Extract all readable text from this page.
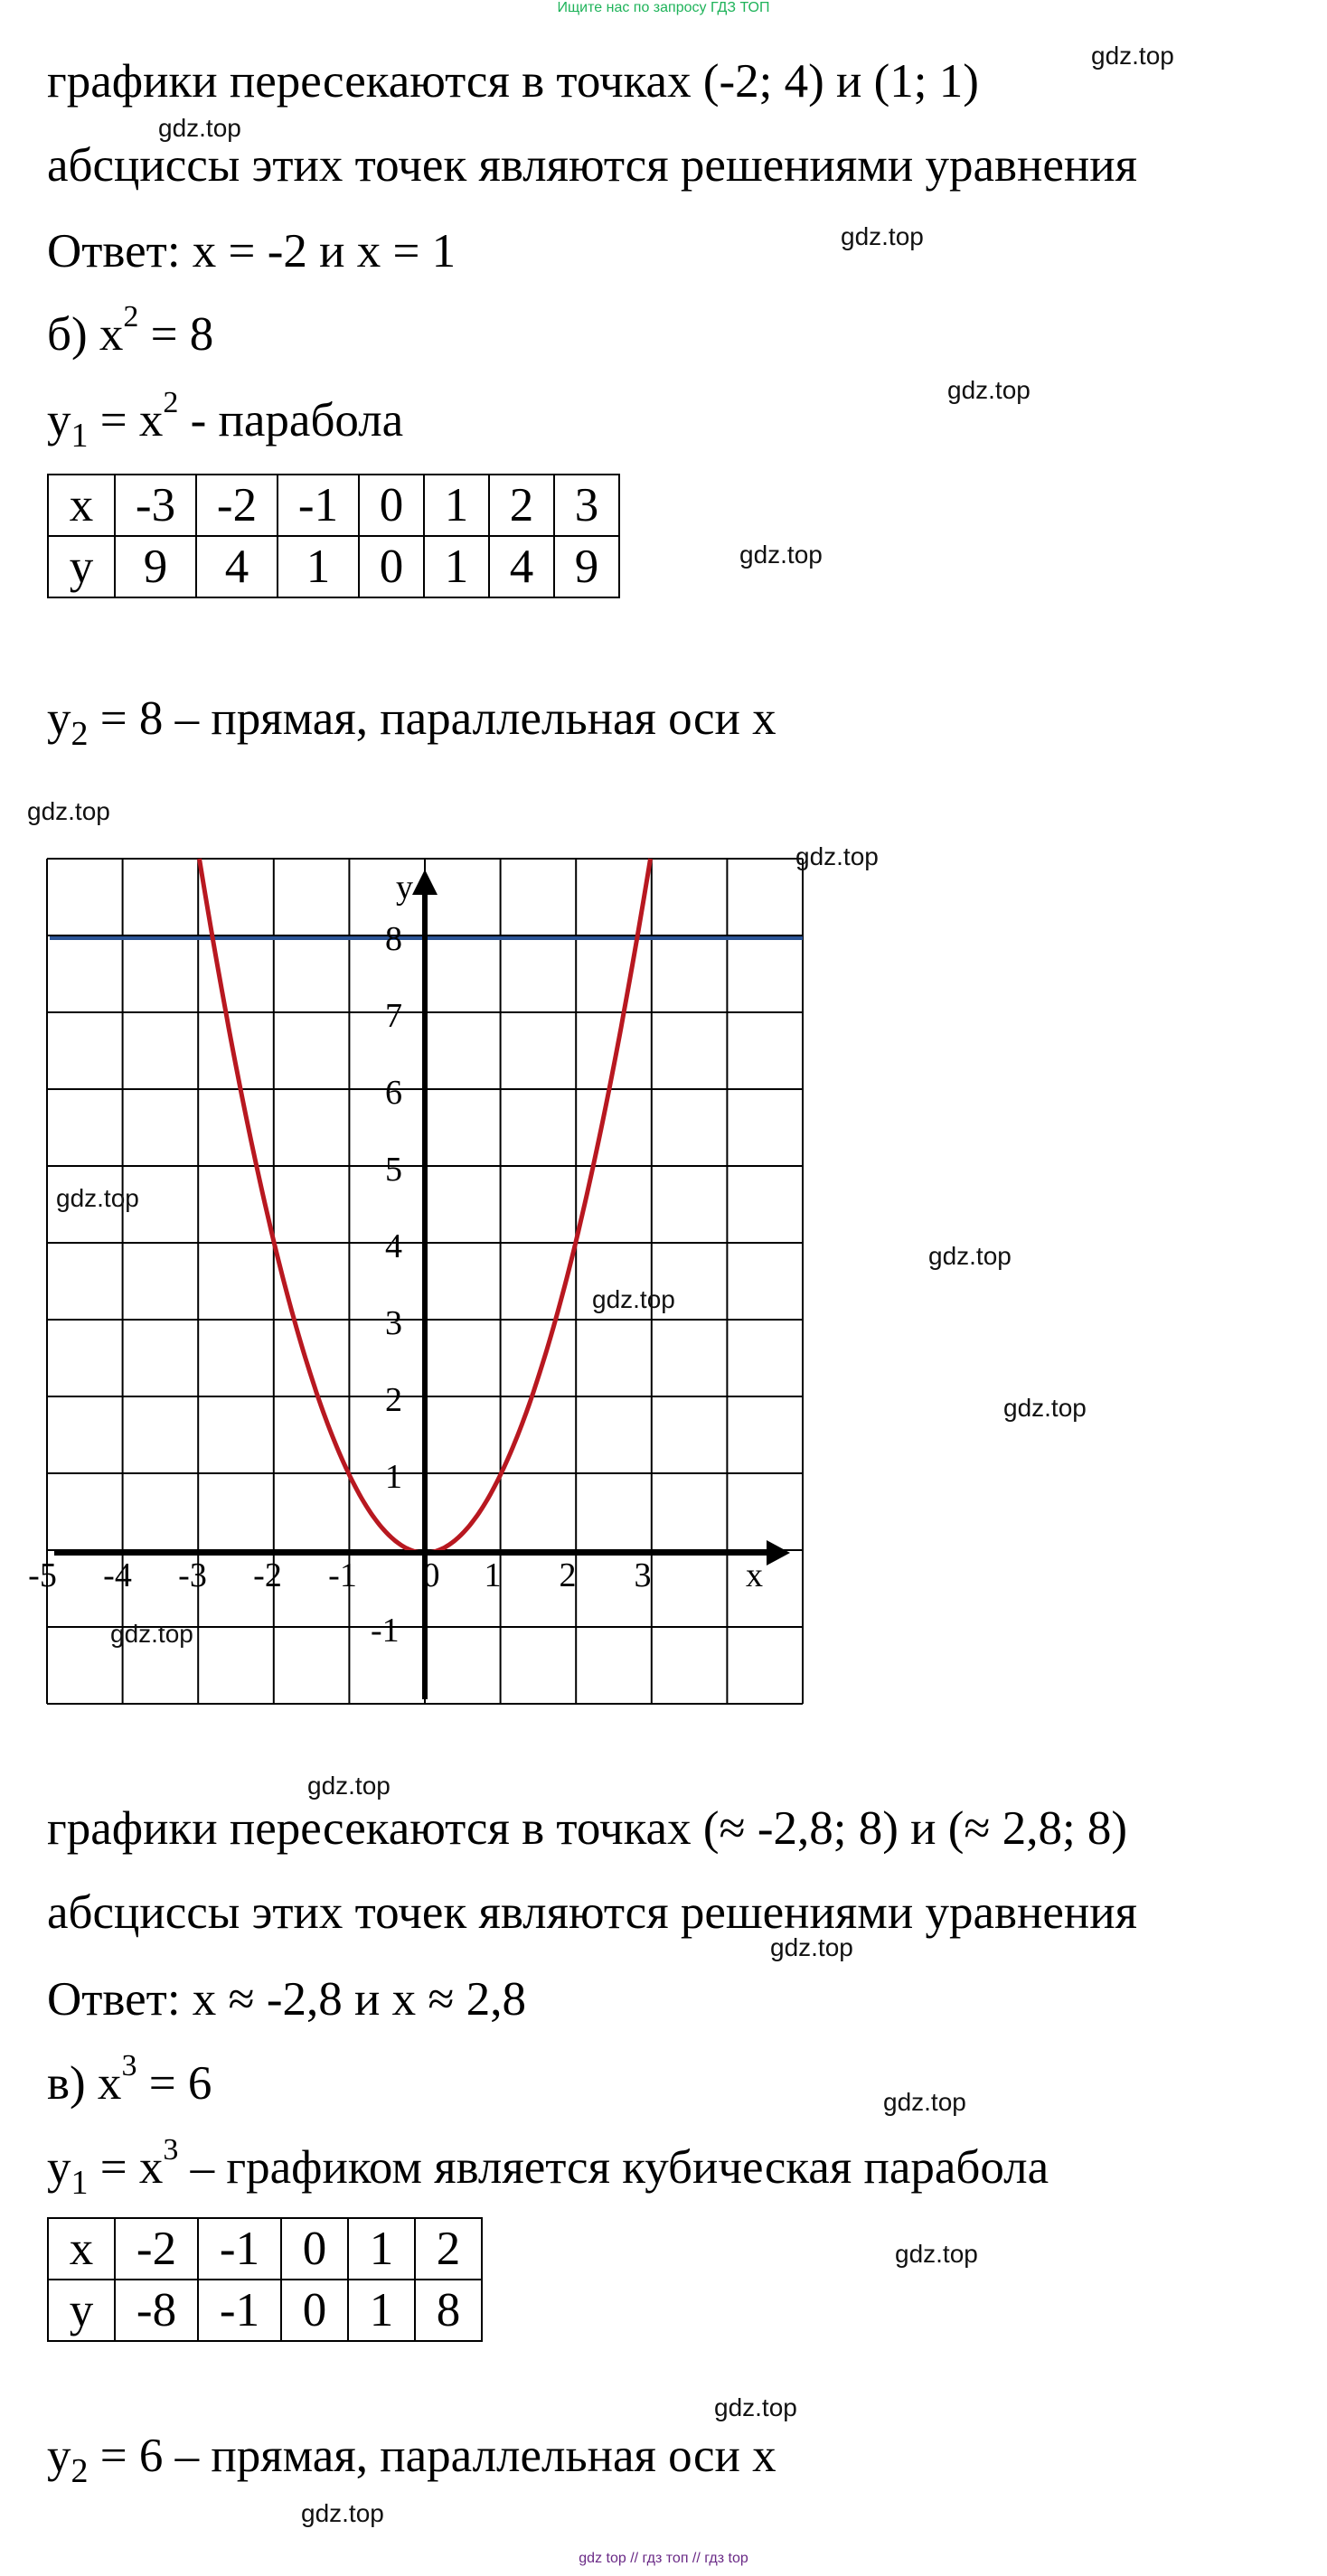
Ищите нас по запросу ГДЗ ТОП

графики пересекаются в точках (-2; 4) и (1; 1)

абсциссы этих точек являются решениями уравнения

Ответ: x = -2 и x = 1

б) $x^2 = 8$

$y_1 = x^2$ - парабола

x	-3	-2	-1	0	1	2	3
y	9	4	1	0	1	4	9

$y_2 = 8$ – прямая, параллельная оси x

y
x
-5 -4 -3 -2 -1 0 1 2 3
1
2
3
4
5
6
7
8
-1

графики пересекаются в точках (≈ -2,8; 8) и (≈ 2,8; 8)

абсциссы этих точек являются решениями уравнения

Ответ: x ≈ -2,8 и x ≈ 2,8

в) $x^3 = 6$

$y_1 = x^3$ – графиком является кубическая парабола

x	-2	-1	0	1	2
y	-8	-1	0	1	8

$y_2 = 6$ – прямая, параллельная оси x

gdz.top
gdz.top
gdz.top
gdz.top
gdz.top
gdz.top
gdz.top
gdz.top
gdz.top
gdz.top
gdz.top
gdz.top
gdz.top
gdz.top
gdz.top
gdz.top
gdz.top
gdz.top
gdz top // гдз топ // гдз top
